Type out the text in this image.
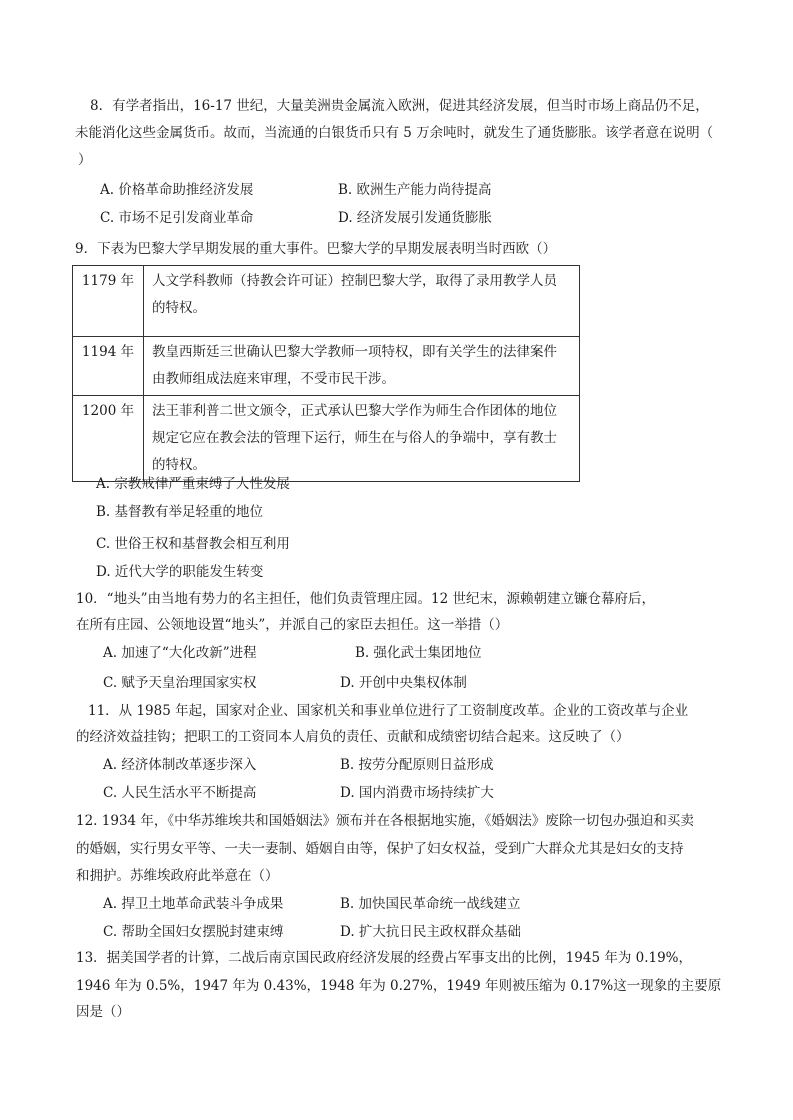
8．有学者指出，16-17 世纪，大量美洲贵金属流入欧洲，促进其经济发展，但当时市场上商品仍不足，
未能消化这些金属货币。故而，当流通的白银货币只有 5 万余吨时，就发生了通货膨胀。该学者意在说明（
）
A. 价格革命助推经济发展	B. 欧洲生产能力尚待提高
C. 市场不足引发商业革命	D. 经济发展引发通货膨胀
9．下表为巴黎大学早期发展的重大事件。巴黎大学的早期发展表明当时西欧（）
1179 年	人文学科教师（持教会许可证）控制巴黎大学，取得了录用教学人员
的特权。

1194 年	教皇西斯廷三世确认巴黎大学教师一项特权，即有关学生的法律案件
由教师组成法庭来审理，不受市民干涉。

1200 年	法王菲利普二世文颁令，正式承认巴黎大学作为师生合作团体的地位
规定它应在教会法的管理下运行，师生在与俗人的争端中，享有教士
的特权。
A. 宗教戒律严重束缚了人性发展
B. 基督教有举足轻重的地位
C. 世俗王权和基督教会相互利用
D. 近代大学的职能发生转变
10．“地头”由当地有势力的名主担任，他们负责管理庄园。12 世纪末，源赖朝建立镰仓幕府后，
在所有庄园、公领地设置“地头”，并派自己的家臣去担任。这一举措（）
A. 加速了“大化改新”进程	B. 强化武士集团地位
C. 赋予天皇治理国家实权	D. 开创中央集权体制
11．从 1985 年起，国家对企业、国家机关和事业单位进行了工资制度改革。企业的工资改革与企业
的经济效益挂钩；把职工的工资同本人肩负的责任、贡献和成绩密切结合起来。这反映了（）
A. 经济体制改革逐步深入	B. 按劳分配原则日益形成
C. 人民生活水平不断提高	D. 国内消费市场持续扩大
12. 1934 年，《中华苏维埃共和国婚姻法》颁布并在各根据地实施，《婚姻法》废除一切包办强迫和买卖
的婚姻，实行男女平等、一夫一妻制、婚姻自由等，保护了妇女权益，受到广大群众尤其是妇女的支持
和拥护。苏维埃政府此举意在（）
A. 捍卫土地革命武装斗争成果	B. 加快国民革命统一战线建立
C. 帮助全国妇女摆脱封建束缚	D. 扩大抗日民主政权群众基础
13．据美国学者的计算，二战后南京国民政府经济发展的经费占军事支出的比例，1945 年为 0.19%，
1946 年为 0.5%，1947 年为 0.43%，1948 年为 0.27%，1949 年则被压缩为 0.17%这一现象的主要原
因是（）
